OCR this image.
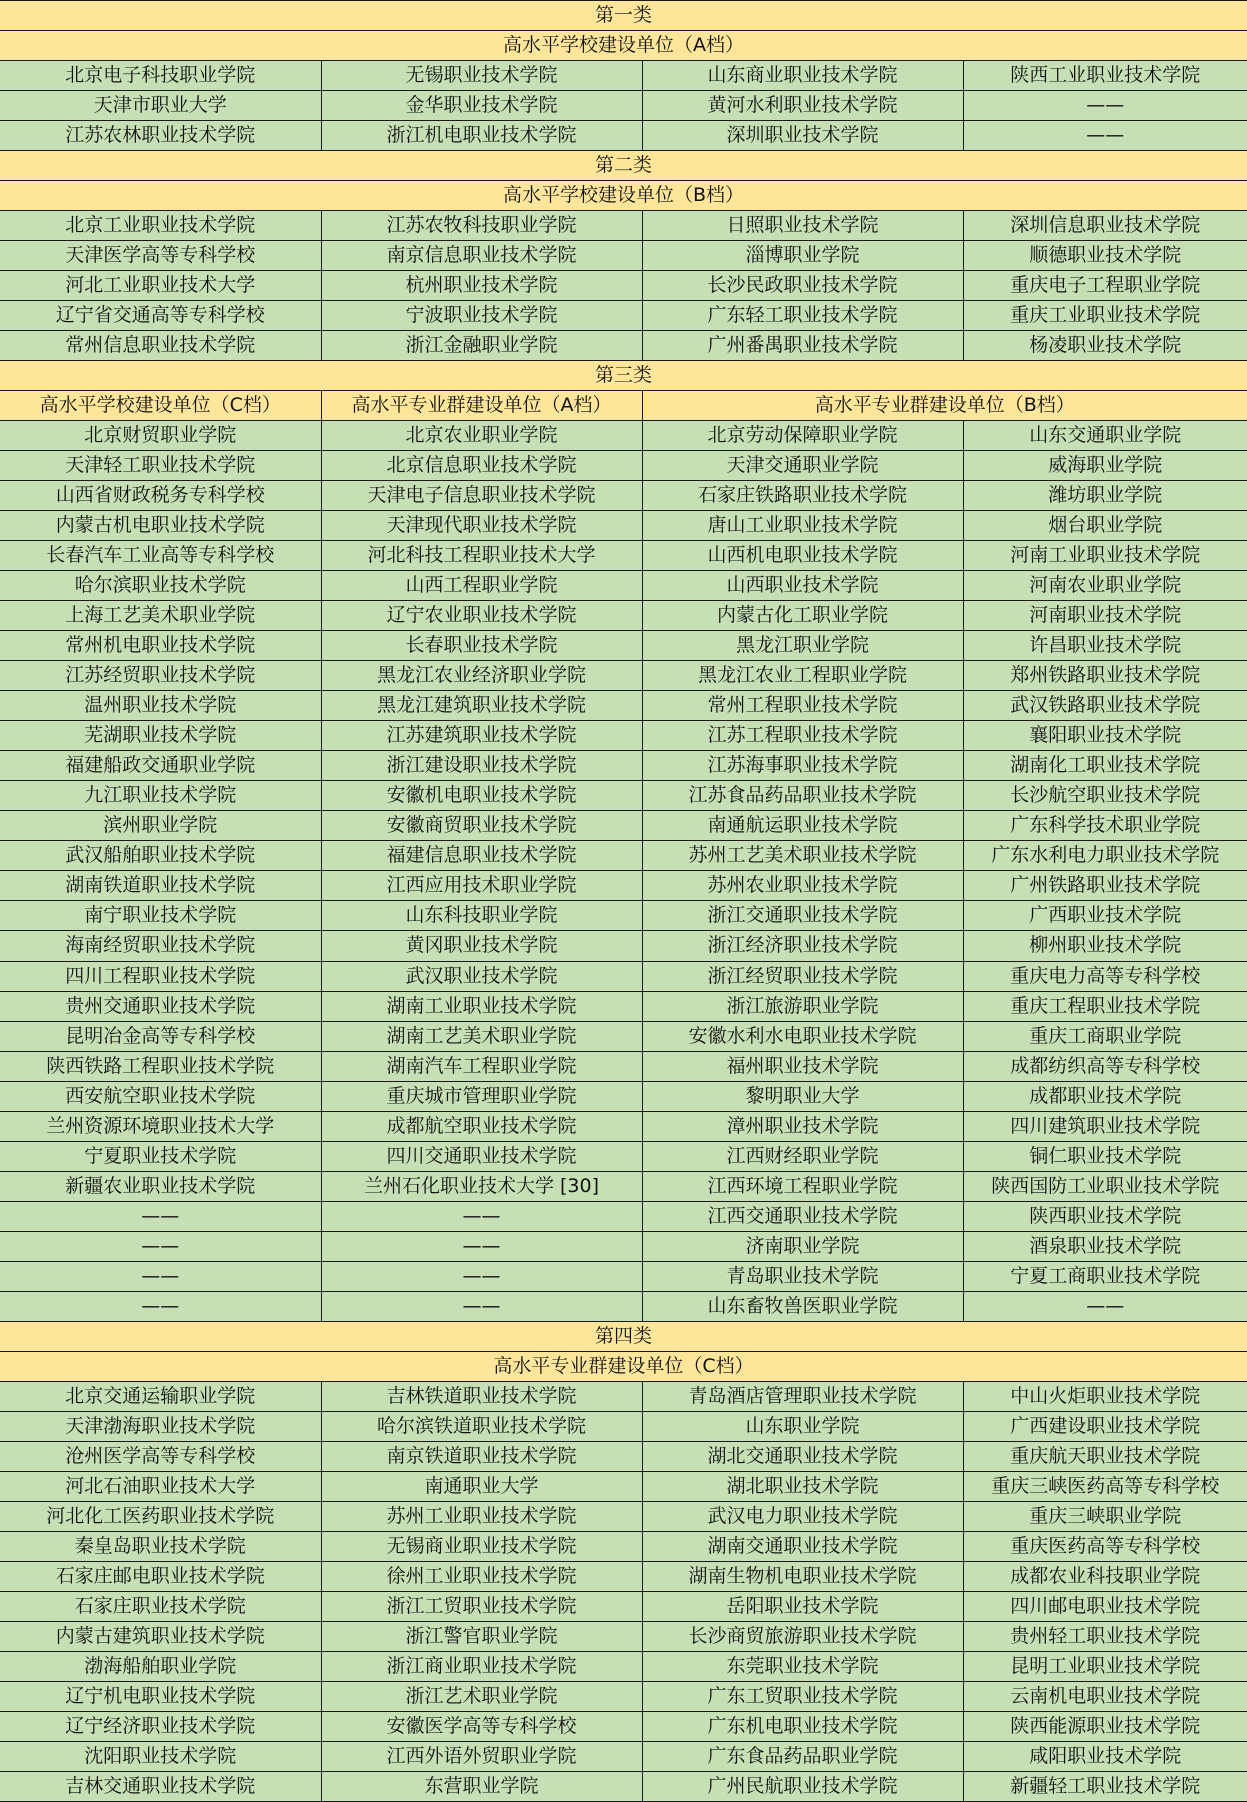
第一类			
高水平学校建设单位（A档）			
北京电子科技职业学院	无锡职业技术学院	山东商业职业技术学院	陕西工业职业技术学院
天津市职业大学	金华职业技术学院	黄河水利职业技术学院	——
江苏农林职业技术学院	浙江机电职业技术学院	深圳职业技术学院	——
第二类			
高水平学校建设单位（B档）			
北京工业职业技术学院	江苏农牧科技职业学院	日照职业技术学院	深圳信息职业技术学院
天津医学高等专科学校	南京信息职业技术学院	淄博职业学院	顺德职业技术学院
河北工业职业技术大学	杭州职业技术学院	长沙民政职业技术学院	重庆电子工程职业学院
辽宁省交通高等专科学校	宁波职业技术学院	广东轻工职业技术学院	重庆工业职业技术学院
常州信息职业技术学院	浙江金融职业学院	广州番禺职业技术学院	杨凌职业技术学院
第三类			
高水平学校建设单位（C档）	高水平专业群建设单位（A档）	高水平专业群建设单位（B档）	
北京财贸职业学院	北京农业职业学院	北京劳动保障职业学院	山东交通职业学院
天津轻工职业技术学院	北京信息职业技术学院	天津交通职业学院	威海职业学院
山西省财政税务专科学校	天津电子信息职业技术学院	石家庄铁路职业技术学院	潍坊职业学院
内蒙古机电职业技术学院	天津现代职业技术学院	唐山工业职业技术学院	烟台职业学院
长春汽车工业高等专科学校	河北科技工程职业技术大学	山西机电职业技术学院	河南工业职业技术学院
哈尔滨职业技术学院	山西工程职业学院	山西职业技术学院	河南农业职业学院
上海工艺美术职业学院	辽宁农业职业技术学院	内蒙古化工职业学院	河南职业技术学院
常州机电职业技术学院	长春职业技术学院	黑龙江职业学院	许昌职业技术学院
江苏经贸职业技术学院	黑龙江农业经济职业学院	黑龙江农业工程职业学院	郑州铁路职业技术学院
温州职业技术学院	黑龙江建筑职业技术学院	常州工程职业技术学院	武汉铁路职业技术学院
芜湖职业技术学院	江苏建筑职业技术学院	江苏工程职业技术学院	襄阳职业技术学院
福建船政交通职业学院	浙江建设职业技术学院	江苏海事职业技术学院	湖南化工职业技术学院
九江职业技术学院	安徽机电职业技术学院	江苏食品药品职业技术学院	长沙航空职业技术学院
滨州职业学院	安徽商贸职业技术学院	南通航运职业技术学院	广东科学技术职业学院
武汉船舶职业技术学院	福建信息职业技术学院	苏州工艺美术职业技术学院	广东水利电力职业技术学院
湖南铁道职业技术学院	江西应用技术职业学院	苏州农业职业技术学院	广州铁路职业技术学院
南宁职业技术学院	山东科技职业学院	浙江交通职业技术学院	广西职业技术学院
海南经贸职业技术学院	黄冈职业技术学院	浙江经济职业技术学院	柳州职业技术学院
四川工程职业技术学院	武汉职业技术学院	浙江经贸职业技术学院	重庆电力高等专科学校
贵州交通职业技术学院	湖南工业职业技术学院	浙江旅游职业学院	重庆工程职业技术学院
昆明冶金高等专科学校	湖南工艺美术职业学院	安徽水利水电职业技术学院	重庆工商职业学院
陕西铁路工程职业技术学院	湖南汽车工程职业学院	福州职业技术学院	成都纺织高等专科学校
西安航空职业技术学院	重庆城市管理职业学院	黎明职业大学	成都职业技术学院
兰州资源环境职业技术大学	成都航空职业技术学院	漳州职业技术学院	四川建筑职业技术学院
宁夏职业技术学院	四川交通职业技术学院	江西财经职业学院	铜仁职业技术学院
新疆农业职业技术学院	兰州石化职业技术大学 [30]	江西环境工程职业学院	陕西国防工业职业技术学院
——	——	江西交通职业技术学院	陕西职业技术学院
——	——	济南职业学院	酒泉职业技术学院
——	——	青岛职业技术学院	宁夏工商职业技术学院
——	——	山东畜牧兽医职业学院	——
第四类			
高水平专业群建设单位（C档）			
北京交通运输职业学院	吉林铁道职业技术学院	青岛酒店管理职业技术学院	中山火炬职业技术学院
天津渤海职业技术学院	哈尔滨铁道职业技术学院	山东职业学院	广西建设职业技术学院
沧州医学高等专科学校	南京铁道职业技术学院	湖北交通职业技术学院	重庆航天职业技术学院
河北石油职业技术大学	南通职业大学	湖北职业技术学院	重庆三峡医药高等专科学校
河北化工医药职业技术学院	苏州工业职业技术学院	武汉电力职业技术学院	重庆三峡职业学院
秦皇岛职业技术学院	无锡商业职业技术学院	湖南交通职业技术学院	重庆医药高等专科学校
石家庄邮电职业技术学院	徐州工业职业技术学院	湖南生物机电职业技术学院	成都农业科技职业学院
石家庄职业技术学院	浙江工贸职业技术学院	岳阳职业技术学院	四川邮电职业技术学院
内蒙古建筑职业技术学院	浙江警官职业学院	长沙商贸旅游职业技术学院	贵州轻工职业技术学院
渤海船舶职业学院	浙江商业职业技术学院	东莞职业技术学院	昆明工业职业技术学院
辽宁机电职业技术学院	浙江艺术职业学院	广东工贸职业技术学院	云南机电职业技术学院
辽宁经济职业技术学院	安徽医学高等专科学校	广东机电职业技术学院	陕西能源职业技术学院
沈阳职业技术学院	江西外语外贸职业学院	广东食品药品职业学院	咸阳职业技术学院
吉林交通职业技术学院	东营职业学院	广州民航职业技术学院	新疆轻工职业技术学院
